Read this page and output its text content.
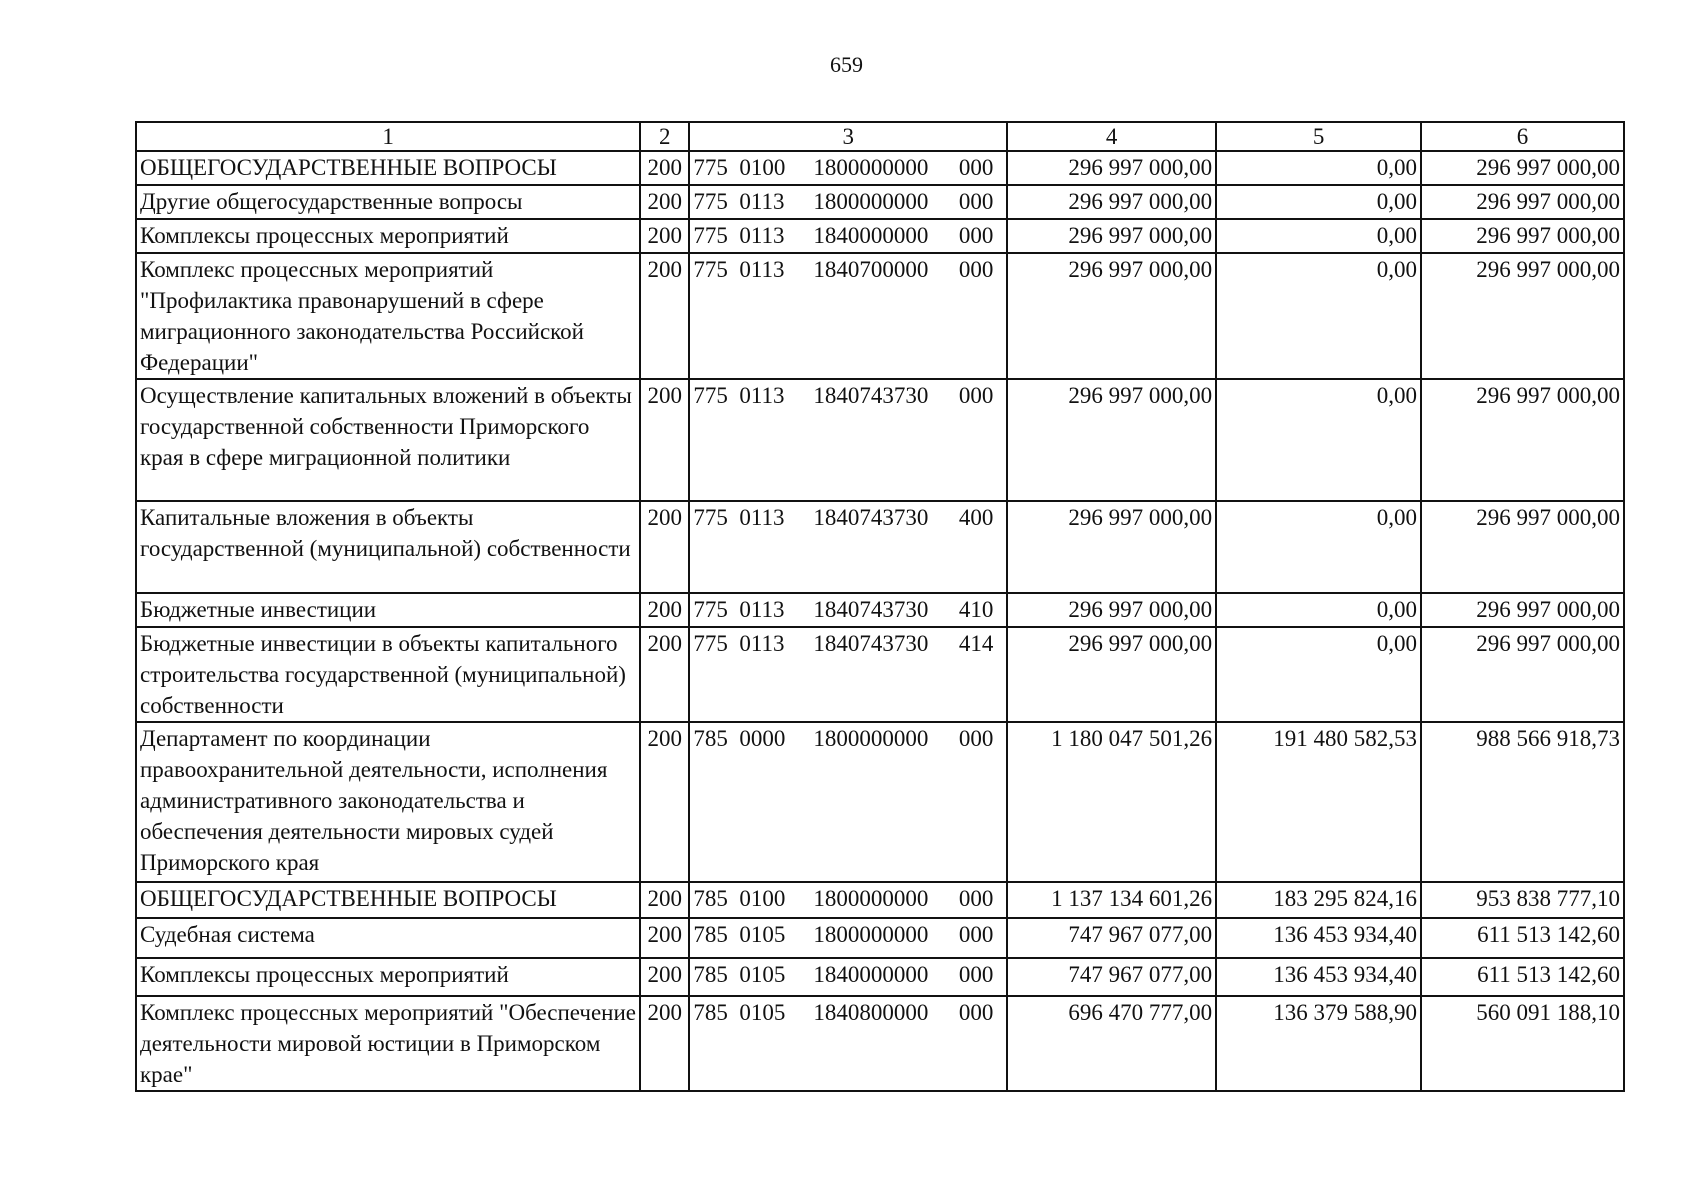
659
1	2	3	4	5	6
ОБЩЕГОСУДАРСТВЕННЫЕ ВОПРОСЫ	200	775 0100 1800000000 000	296 997 000,00	0,00	296 997 000,00
Другие общегосударственные вопросы	200	775 0113 1800000000 000	296 997 000,00	0,00	296 997 000,00
Комплексы процессных мероприятий	200	775 0113 1840000000 000	296 997 000,00	0,00	296 997 000,00
Комплекс процессных мероприятий "Профилактика правонарушений в сфере миграционного законодательства Российской Федерации"	200	775 0113 1840700000 000	296 997 000,00	0,00	296 997 000,00
Осуществление капитальных вложений в объекты государственной собственности Приморского края в сфере миграционной политики	200	775 0113 1840743730 000	296 997 000,00	0,00	296 997 000,00
Капитальные вложения в объекты государственной (муниципальной) собственности	200	775 0113 1840743730 400	296 997 000,00	0,00	296 997 000,00
Бюджетные инвестиции	200	775 0113 1840743730 410	296 997 000,00	0,00	296 997 000,00
Бюджетные инвестиции в объекты капитального строительства государственной (муниципальной) собственности	200	775 0113 1840743730 414	296 997 000,00	0,00	296 997 000,00
Департамент по координации правоохранительной деятельности, исполнения административного законодательства и обеспечения деятельности мировых судей Приморского края	200	785 0000 1800000000 000	1 180 047 501,26	191 480 582,53	988 566 918,73
ОБЩЕГОСУДАРСТВЕННЫЕ ВОПРОСЫ	200	785 0100 1800000000 000	1 137 134 601,26	183 295 824,16	953 838 777,10
Судебная система	200	785 0105 1800000000 000	747 967 077,00	136 453 934,40	611 513 142,60
Комплексы процессных мероприятий	200	785 0105 1840000000 000	747 967 077,00	136 453 934,40	611 513 142,60
Комплекс процессных мероприятий "Обеспечение деятельности мировой юстиции в Приморском крае"	200	785 0105 1840800000 000	696 470 777,00	136 379 588,90	560 091 188,10
